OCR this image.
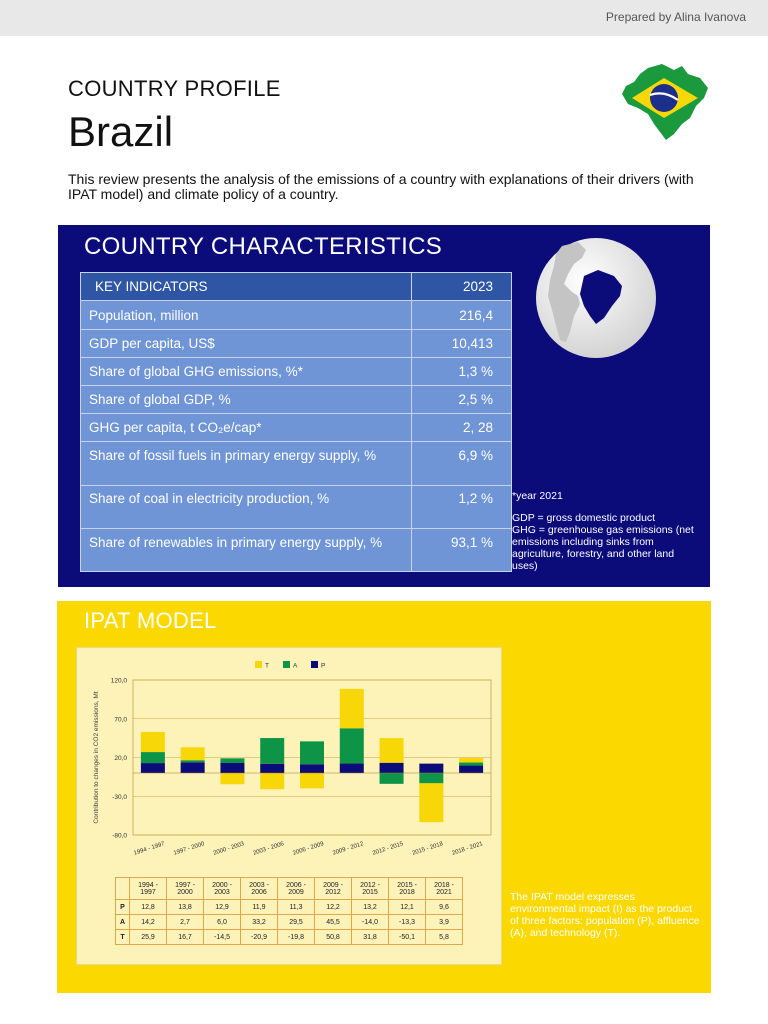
Prepared by Alina Ivanova
COUNTRY PROFILE
Brazil
This review presents the analysis of the emissions of a country with explanations of their drivers (with IPAT model) and climate policy of a country.
COUNTRY CHARACTERISTICS
KEY INDICATORS	2023
Population, million	216,4
GDP per capita, US$	10,413
Share of global GHG emissions, %*	1,3 %
Share of global GDP, %	2,5 %
GHG per capita, t CO₂e/cap*	2, 28
Share of fossil fuels in primary energy supply, %	6,9 %
Share of coal in electricity production, %	1,2 %
Share of renewables in primary energy supply, %	93,1 %

*year 2021

GDP = gross domestic product
GHG = greenhouse gas emissions (net emissions including sinks from agriculture, forestry, and other land uses)
IPAT MODEL
120,0
70,0
20,0
-30,0
-80,0
Contribution to changes in CO2 emissions, Mt
T	A	P
1994 - 1997 1997 - 2000 2000 - 2003 2003 - 2006 2006 - 2009 2009 - 2012 2012 - 2015 2015 - 2018 2018 - 2021
	1994 - 1997	1997 - 2000	2000 - 2003	2003 - 2006	2006 - 2009	2009 - 2012	2012 - 2015	2015 - 2018	2018 - 2021
P	12,8	13,8	12,9	11,9	11,3	12,2	13,2	12,1	9,6
A	14,2	2,7	6,0	33,2	29,5	45,5	-14,0	-13,3	3,9
T	25,9	16,7	-14,5	-20,9	-19,8	50,8	31,8	-50,1	5,8
The IPAT model expresses environmental impact (I) as the product of three factors: population (P), affluence (A), and technology (T).
